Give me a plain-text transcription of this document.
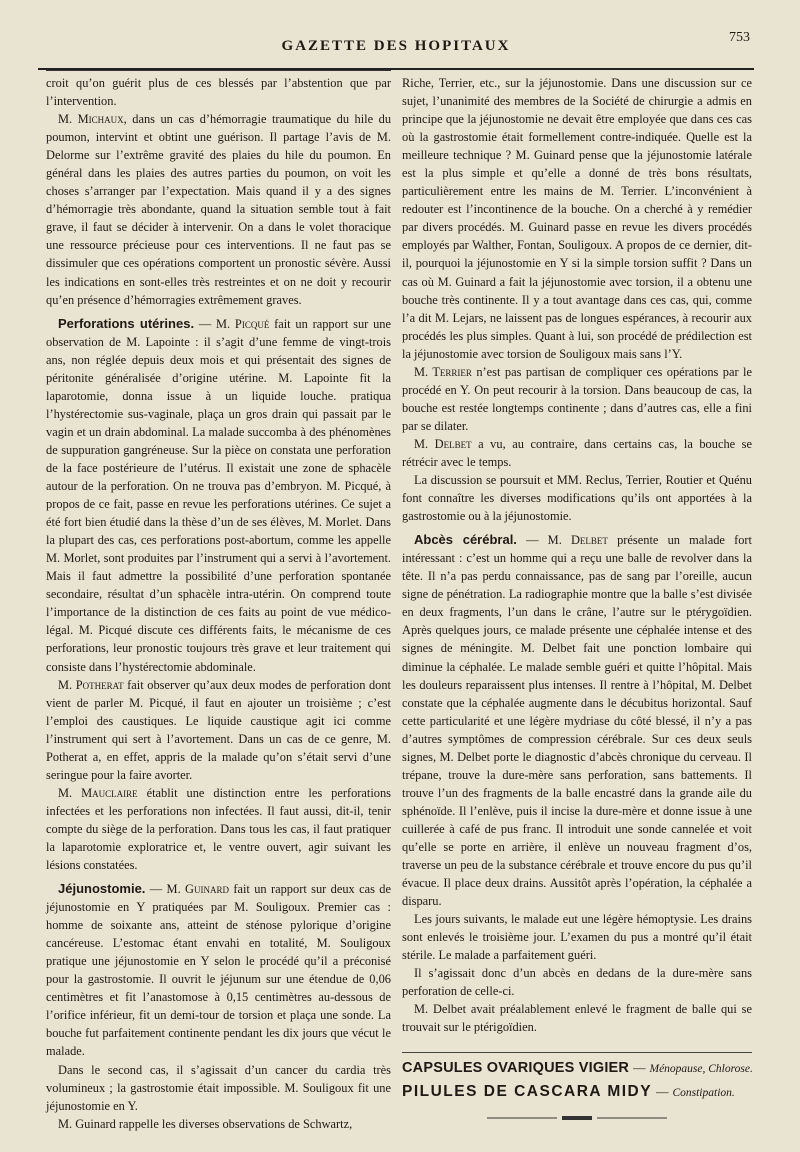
GAZETTE DES HOPITAUX
753

croit qu’on guérit plus de ces blessés par l’abstention que par l’intervention.

M. Michaux, dans un cas d’hémorragie traumatique du hile du poumon, intervint et obtint une guérison. Il partage l’avis de M. Delorme sur l’extrême gravité des plaies du hile du poumon. En général dans les plaies des autres parties du poumon, on voit les choses s’arranger par l’expectation. Mais quand il y a des signes d’hémorragie très abondante, quand la situation semble tout à fait grave, il faut se décider à intervenir. On a dans le volet thoracique une ressource précieuse pour ces interventions. Il ne faut pas se dissimuler que ces opérations comportent un pronostic sévère. Aussi les indications en sont-elles très restreintes et on ne doit y recourir qu’en présence d’hémorragies extrêmement graves.

Perforations utérines. — M. Picqué fait un rapport sur une observation de M. Lapointe : il s’agit d’une femme de vingt-trois ans, non réglée depuis deux mois et qui présentait des signes de péritonite généralisée d’origine utérine. M. Lapointe fit la laparotomie, donna issue à un liquide louche. pratiqua l’hystérectomie sus-vaginale, plaça un gros drain qui passait par le vagin et un drain abdominal. La malade succomba à des phénomènes de suppuration gangréneuse. Sur la pièce on constata une perforation de la face postérieure de l’utérus. Il existait une zone de sphacèle autour de la perforation. On ne trouva pas d’embryon. M. Picqué, à propos de ce fait, passe en revue les perforations utérines. Ce sujet a été fort bien étudié dans la thèse d’un de ses élèves, M. Morlet. Dans la plupart des cas, ces perforations post-abortum, comme les appelle M. Morlet, sont produites par l’instrument qui a servi à l’avortement. Mais il faut admettre la possibilité d’une perforation spontanée secondaire, résultat d’un sphacèle intra-utérin. On comprend toute l’importance de la distinction de ces faits au point de vue médico-légal. M. Picqué discute ces différents faits, le mécanisme de ces perforations, leur pronostic toujours très grave et leur traitement qui consiste dans l’hystérectomie abdominale.

M. Potherat fait observer qu’aux deux modes de perforation dont vient de parler M. Picqué, il faut en ajouter un troisième ; c’est l’emploi des caustiques. Le liquide caustique agit ici comme l’instrument qui sert à l’avortement. Dans un cas de ce genre, M. Potherat a, en effet, appris de la malade qu’on s’était servi d’une seringue pour la faire avorter.

M. Mauclaire établit une distinction entre les perforations infectées et les perforations non infectées. Il faut aussi, dit-il, tenir compte du siège de la perforation. Dans tous les cas, il faut pratiquer la laparotomie exploratrice et, le ventre ouvert, agir suivant les lésions constatées.

Jéjunostomie. — M. Guinard fait un rapport sur deux cas de jéjunostomie en Y pratiquées par M. Souligoux. Premier cas : homme de soixante ans, atteint de sténose pylorique d’origine cancéreuse. L’estomac étant envahi en totalité, M. Souligoux pratique une jéjunostomie en Y selon le procédé qu’il a préconisé pour la gastrostomie. Il ouvrit le jéjunum sur une étendue de 0,06 centimètres et fit l’anastomose à 0,15 centimètres au-dessous de l’orifice inférieur, fit un demi-tour de torsion et plaça une sonde. La bouche fut parfaitement continente pendant les dix jours que vécut le malade.

Dans le second cas, il s’agissait d’un cancer du cardia très volumineux ; la gastrostomie était impossible. M. Souligoux fit une jéjunostomie en Y.

M. Guinard rappelle les diverses observations de Schwartz,

Riche, Terrier, etc., sur la jéjunostomie. Dans une discussion sur ce sujet, l’unanimité des membres de la Société de chirurgie a admis en principe que la jéjunostomie ne devait être employée que dans ces cas où la gastrostomie était formellement contre-indiquée. Quelle est la meilleure technique ? M. Guinard pense que la jéjunostomie latérale est la plus simple et qu’elle a donné de très bons résultats, particulièrement entre les mains de M. Terrier. L’inconvénient à redouter est l’incontinence de la bouche. On a cherché à y remédier par divers procédés. M. Guinard passe en revue les divers procédés employés par Walther, Fontan, Souligoux. A propos de ce dernier, dit-il, pourquoi la jéjunostomie en Y si la simple torsion suffit ? Dans un cas où M. Guinard a fait la jéjunostomie avec torsion, il a obtenu une bouche très continente. Il y a tout avantage dans ces cas, qui, comme l’a dit M. Lejars, ne laissent pas de longues espérances, à recourir aux procédés les plus simples. Quant à lui, son procédé de prédilection est la jéjunostomie avec torsion de Souligoux mais sans l’Y.

M. Terrier n’est pas partisan de compliquer ces opérations par le procédé en Y. On peut recourir à la torsion. Dans beaucoup de cas, la bouche est restée longtemps continente ; dans d’autres cas, elle a fini par se dilater.

M. Delbet a vu, au contraire, dans certains cas, la bouche se rétrécir avec le temps.

La discussion se poursuit et MM. Reclus, Terrier, Routier et Quénu font connaître les diverses modifications qu’ils ont apportées à la gastrostomie ou à la jéjunostomie.

Abcès cérébral. — M. Delbet présente un malade fort intéressant : c’est un homme qui a reçu une balle de revolver dans la tête. Il n’a pas perdu connaissance, pas de sang par l’oreille, aucun signe de pénétration. La radiographie montre que la balle s’est divisée en deux fragments, l’un dans le crâne, l’autre sur le ptérygoïdien. Après quelques jours, ce malade présente une céphalée intense et des signes de méningite. M. Delbet fait une ponction lombaire qui diminue la céphalée. Le malade semble guéri et quitte l’hôpital. Mais les douleurs reparaissent plus intenses. Il rentre à l’hôpital, M. Delbet constate que la céphalée augmente dans le décubitus horizontal. Sauf cette particularité et une légère mydriase du côté blessé, il n’y a pas d’autres symptômes de compression cérébrale. Sur ces deux seuls signes, M. Delbet porte le diagnostic d’abcès chronique du cerveau. Il trépane, trouve la dure-mère sans perforation, sans battements. Il trouve l’un des fragments de la balle encastré dans la grande aile du sphénoïde. Il l’enlève, puis il incise la dure-mère et donne issue à une cuillerée à café de pus franc. Il introduit une sonde cannelée et voit qu’elle se porte en arrière, il enlève un nouveau fragment d’os, traverse un peu de la substance cérébrale et trouve encore du pus qu’il évacue. Il place deux drains. Aussitôt après l’opération, la céphalée a disparu.

Les jours suivants, le malade eut une légère hémoptysie. Les drains sont enlevés le troisième jour. L’examen du pus a montré qu’il était stérile. Le malade a parfaitement guéri.

Il s’agissait donc d’un abcès en dedans de la dure-mère sans perforation de celle-ci.

M. Delbet avait préalablement enlevé le fragment de balle qui se trouvait sur le ptérigoïdien.

CAPSULES OVARIQUES VIGIER — Ménopause, Chlorose.
PILULES DE CASCARA MIDY — Constipation.
